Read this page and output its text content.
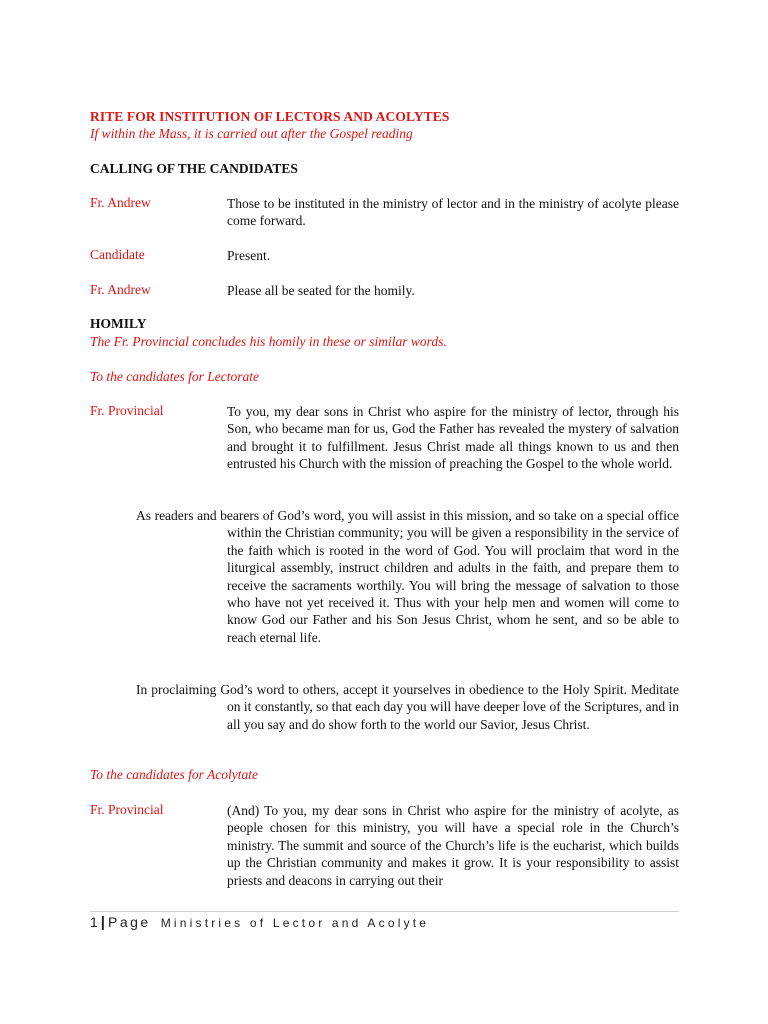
RITE FOR INSTITUTION OF LECTORS AND ACOLYTES
If within the Mass, it is carried out after the Gospel reading
CALLING OF THE CANDIDATES
Fr. Andrew	Those to be instituted in the ministry of lector and in the ministry of acolyte please come forward.
Candidate	Present.
Fr. Andrew	Please all be seated for the homily.
HOMILY
The Fr. Provincial concludes his homily in these or similar words.
To the candidates for Lectorate
Fr. Provincial	To you, my dear sons in Christ who aspire for the ministry of lector, through his Son, who became man for us, God the Father has revealed the mystery of salvation and brought it to fulfillment. Jesus Christ made all things known to us and then entrusted his Church with the mission of preaching the Gospel to the whole world.
As readers and bearers of God’s word, you will assist in this mission, and so take on a special office within the Christian community; you will be given a responsibility in the service of the faith which is rooted in the word of God. You will proclaim that word in the liturgical assembly, instruct children and adults in the faith, and prepare them to receive the sacraments worthily. You will bring the message of salvation to those who have not yet received it. Thus with your help men and women will come to know God our Father and his Son Jesus Christ, whom he sent, and so be able to reach eternal life.
In proclaiming God’s word to others, accept it yourselves in obedience to the Holy Spirit. Meditate on it constantly, so that each day you will have deeper love of the Scriptures, and in all you say and do show forth to the world our Savior, Jesus Christ.
To the candidates for Acolytate
Fr. Provincial	(And) To you, my dear sons in Christ who aspire for the ministry of acolyte, as people chosen for this ministry, you will have a special role in the Church’s ministry. The summit and source of the Church’s life is the eucharist, which builds up the Christian community and makes it grow. It is your responsibility to assist priests and deacons in carrying out their
1 | Page Ministries of Lector and Acolyte
